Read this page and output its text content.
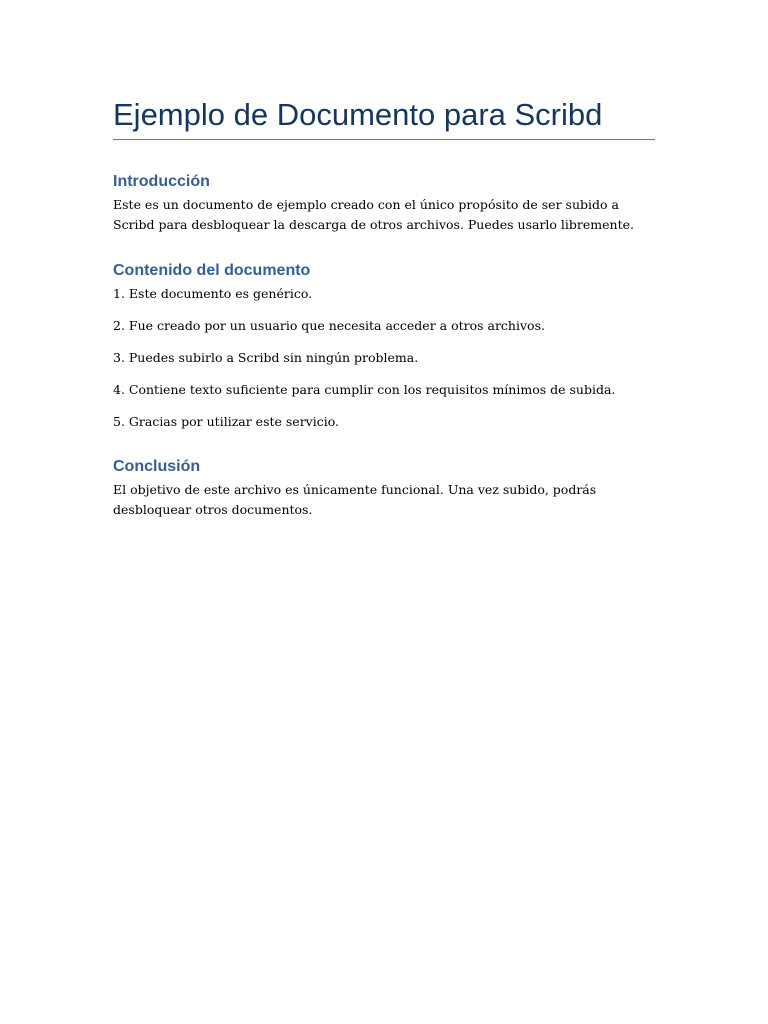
Ejemplo de Documento para Scribd
Introducción

Este es un documento de ejemplo creado con el único propósito de ser subido a Scribd para desbloquear la descarga de otros archivos. Puedes usarlo libremente.

Contenido del documento
1. Este documento es genérico.
2. Fue creado por un usuario que necesita acceder a otros archivos.
3. Puedes subirlo a Scribd sin ningún problema.
4. Contiene texto suficiente para cumplir con los requisitos mínimos de subida.
5. Gracias por utilizar este servicio.
Conclusión

El objetivo de este archivo es únicamente funcional. Una vez subido, podrás desbloquear otros documentos.
